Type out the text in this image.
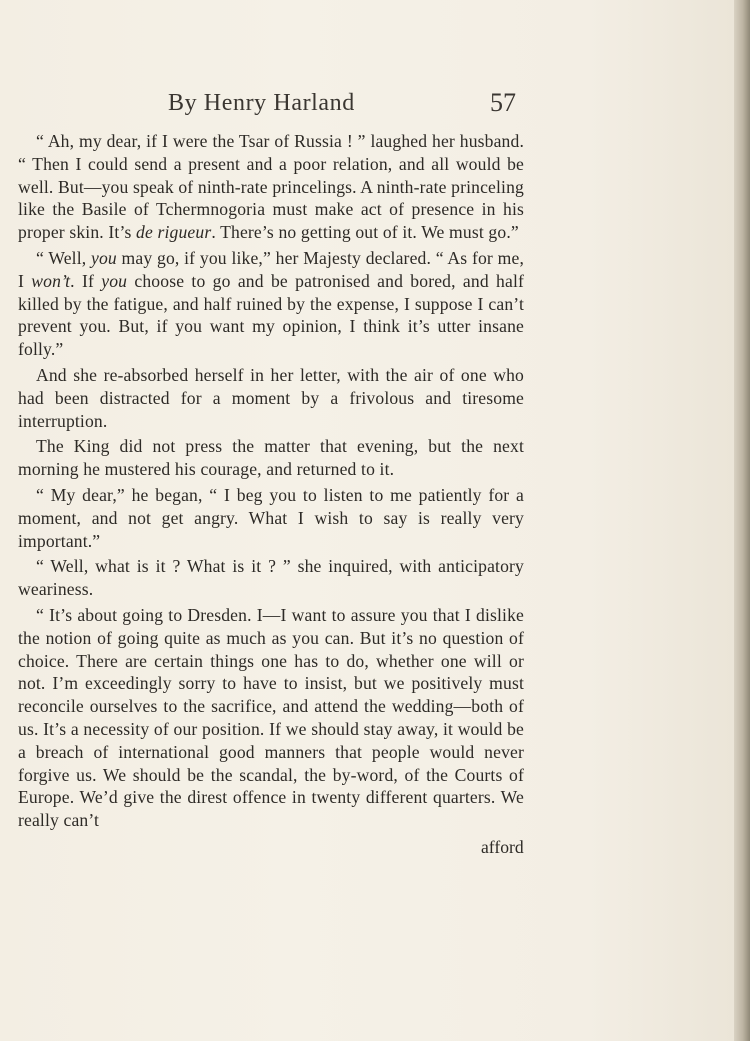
By Henry Harland	57

“ Ah, my dear, if I were the Tsar of Russia ! ” laughed her husband. “ Then I could send a present and a poor relation, and all would be well. But—you speak of ninth-rate princelings. A ninth-rate princeling like the Basile of Tchermnogoria must make act of presence in his proper skin. It’s de rigueur. There’s no getting out of it. We must go.”

“ Well, you may go, if you like,” her Majesty declared. “ As for me, I won’t. If you choose to go and be patronised and bored, and half killed by the fatigue, and half ruined by the expense, I suppose I can’t prevent you. But, if you want my opinion, I think it’s utter insane folly.”

And she re-absorbed herself in her letter, with the air of one who had been distracted for a moment by a frivolous and tiresome interruption.

The King did not press the matter that evening, but the next morning he mustered his courage, and returned to it.

“ My dear,” he began, “ I beg you to listen to me patiently for a moment, and not get angry. What I wish to say is really very important.”

“ Well, what is it ? What is it ? ” she inquired, with anticipatory weariness.

“ It’s about going to Dresden. I—I want to assure you that I dislike the notion of going quite as much as you can. But it’s no question of choice. There are certain things one has to do, whether one will or not. I’m exceedingly sorry to have to insist, but we positively must reconcile ourselves to the sacrifice, and attend the wedding—both of us. It’s a necessity of our position. If we should stay away, it would be a breach of international good manners that people would never forgive us. We should be the scandal, the by-word, of the Courts of Europe. We’d give the direst offence in twenty different quarters. We really can’t

afford
